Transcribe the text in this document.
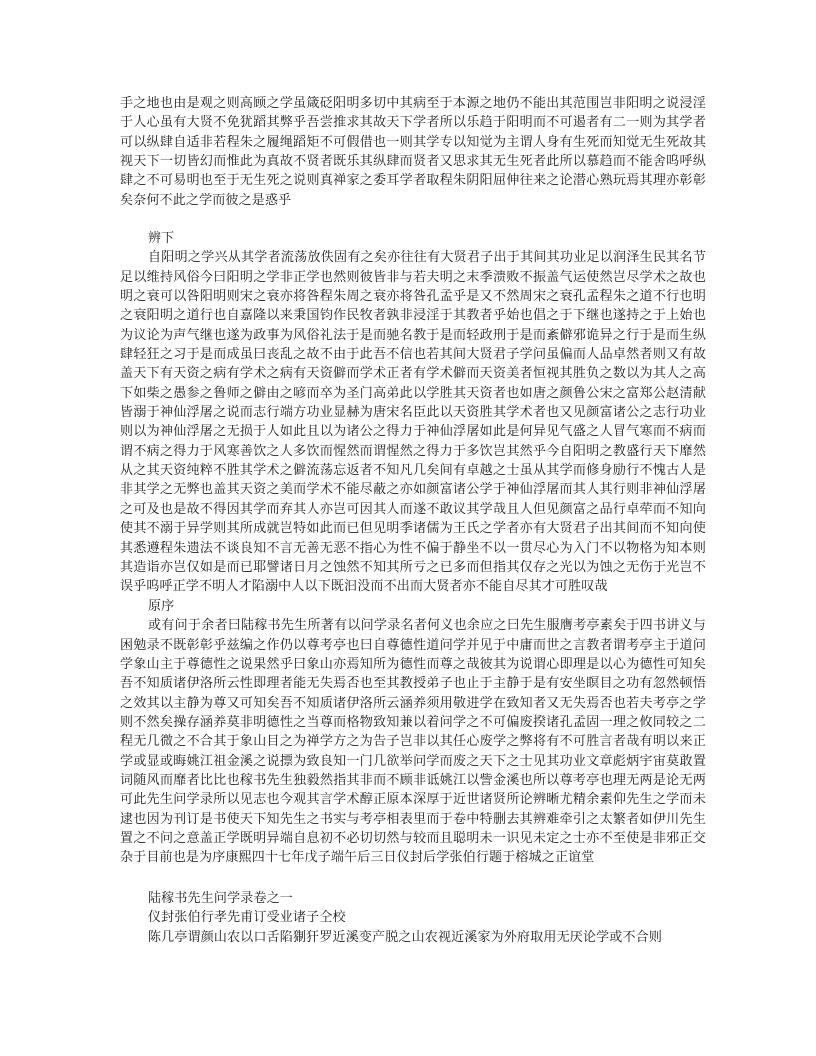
手之地也由是观之则高顾之学虽箴砭阳明多切中其病至于本源之地仍不能出其范围岂非阳明之说浸淫于人心虽有大贤不免犹蹈其弊乎吾尝推求其故天下学者所以乐趋于阳明而不可遏者有二一则为其学者可以纵肆自适非若程朱之履绳蹈矩不可假借也一则其学专以知觉为主谓人身有生死而知觉无生死故其视天下一切皆幻而惟此为真故不贤者既乐其纵肆而贤者又思求其无生死者此所以慕趋而不能舍呜呼纵肆之不可易明也至于无生死之说则真禅家之委耳学者取程朱阴阳屈伸往来之论潜心熟玩焉其理亦彰彰矣奈何不此之学而彼之是惑乎

辨下

自阳明之学兴从其学者流荡放佚固有之矣亦往往有大贤君子出于其间其功业足以润泽生民其名节足以维持风俗今曰阳明之学非正学也然则彼皆非与若夫明之末季溃败不振盖气运使然岂尽学术之故也明之衰可以咎阳明则宋之衰亦将咎程朱周之衰亦将咎孔孟乎是又不然周宋之衰孔孟程朱之道不行也明之衰阳明之道行也自嘉隆以来秉国钧作民牧者孰非浸淫于其教者乎始也倡之于下继也遂持之于上始也为议论为声气继也遂为政事为风俗礼法于是而驰名教于是而轻政刑于是而紊僻邪诡异之行于是而生纵肆轻狂之习于是而成虽曰丧乱之故不由于此吾不信也若其间大贤君子学问虽偏而人品卓然者则又有故盖天下有天资之病有学术之病有天资僻而学术正者有学术僻而天资美者恒视其胜负之数以为其人之高下如柴之愚参之鲁师之僻由之喭而卒为圣门高弟此以学胜其天资者也如唐之颜鲁公宋之富郑公赵清献皆溺于神仙浮屠之说而志行端方功业显赫为唐宋名臣此以天资胜其学术者也又见颜富诸公之志行功业则以为神仙浮屠之无损于人如此且以为诸公之得力于神仙浮屠如此是何异见气盛之人冒气寒而不病而谓不病之得力于风寒善饮之人多饮而惺然而谓惺然之得力于多饮岂其然乎今自阳明之教盛行天下靡然从之其天资纯粹不胜其学术之僻流荡忘返者不知凡几矣间有卓越之士虽从其学而修身励行不愧古人是非其学之无弊也盖其天资之美而学术不能尽蔽之亦如颜富诸公学于神仙浮屠而其人其行则非神仙浮屠之可及也是故不得因其学而弃其人亦岂可因其人而遂不敢议其学哉且人但见颜富之品行卓荦而不知向使其不溺于异学则其所成就岂特如此而已但见明季诸儒为王氏之学者亦有大贤君子出其间而不知向使其悉遵程朱遗法不谈良知不言无善无恶不指心为性不偏于静坐不以一贯尽心为入门不以物格为知本则其造诣亦岂仅如是而已耶譬诸日月之蚀然不知其所亏之已多而但指其仅存之光以为蚀之无伤于光岂不误乎呜呼正学不明人才陷溺中人以下既汩没而不出而大贤者亦不能自尽其才可胜叹哉

原序

或有问于余者曰陆稼书先生所著有以问学录名者何义也余应之曰先生服膺考亭素矣于四书讲义与困勉录不既彰彰乎兹编之作仍以尊考亭也曰自尊德性道问学并见于中庸而世之言教者谓考亭主于道问学象山主于尊德性之说果然乎曰象山亦焉知所为德性而尊之哉彼其为说谓心即理是以心为德性可知矣吾不知质诸伊洛所云性即理者能无失焉否也至其教授弟子也止于主静于是有安坐瞑目之功有忽然顿悟之效其以主静为尊又可知矣吾不知质诸伊洛所云涵养须用敬进学在致知者又无失焉否也若夫考亭之学则不然矣操存涵养莫非明德性之当尊而格物致知兼以着问学之不可偏废揆诸孔孟固一理之攸同较之二程无几微之不合其于象山目之为禅学方之为告子岂非以其任心废学之弊将有不可胜言者哉有明以来正学或显或晦姚江祖金溪之说摽为致良知一门几欲举问学而废之天下之士见其功业文章彪炳宇宙莫敢置词随风而靡者比比也稼书先生独毅然指其非而不顾非诋姚江以訾金溪也所以尊考亭也理无两是论无两可此先生问学录所以见志也今观其言学术醇正原本深厚于近世诸贤所论辨晰尤精余素仰先生之学而未逮也因为刊订是书使天下知先生之书实与考亭相表里而于卷中特删去其辨难牵引之太繁者如伊川先生置之不问之意盖正学既明异端自息初不必切切然与较而且聪明未一识见未定之士亦不至使是非邪正交杂于目前也是为序康熙四十七年戊子端午后三日仪封后学张伯行题于榕城之正谊堂

陆稼书先生问学录卷之一

仪封张伯行孝先甫订受业诸子仝校

陈几亭谓颜山农以口舌陷猘犴罗近溪变产脱之山农视近溪家为外府取用无厌论学或不合则
